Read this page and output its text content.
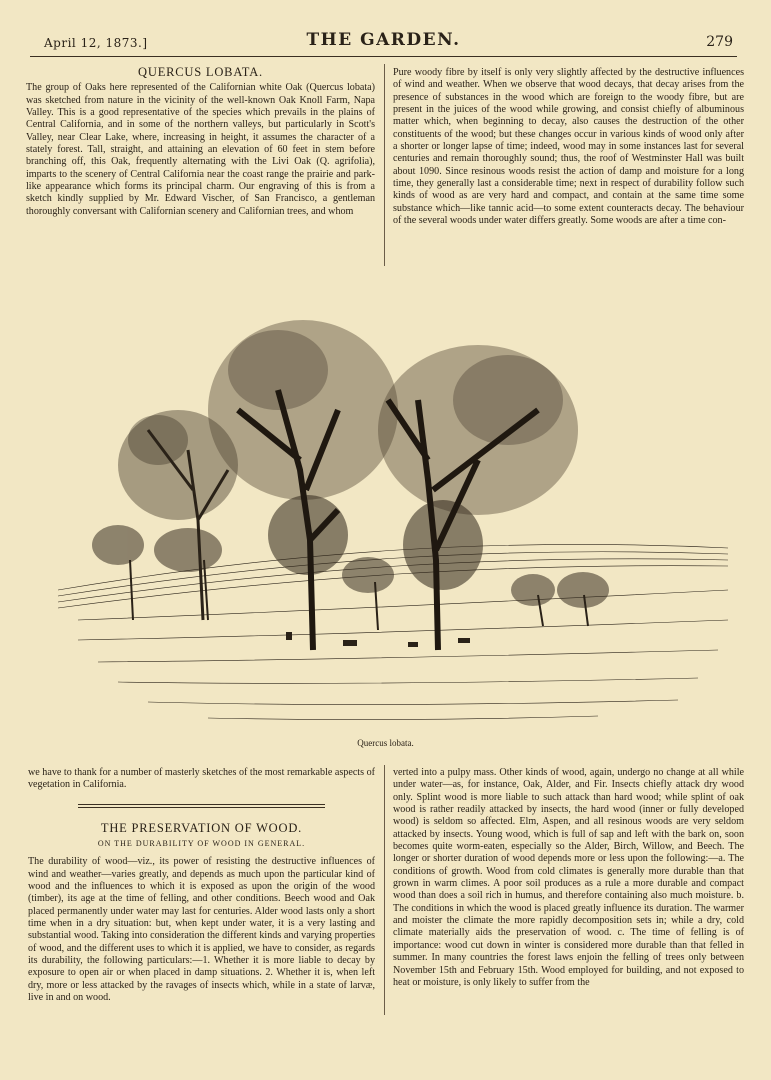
April 12, 1873.]	THE GARDEN.	279
QUERCUS LOBATA.

The group of Oaks here represented of the Californian white Oak (Quercus lobata) was sketched from nature in the vicinity of the well-known Oak Knoll Farm, Napa Valley. This is a good representative of the species which prevails in the plains of Central California, and in some of the northern valleys, but particularly in Scott's Valley, near Clear Lake, where, increasing in height, it assumes the character of a stately forest. Tall, straight, and attaining an elevation of 60 feet in stem before branching off, this Oak, frequently alternating with the Livi Oak (Q. agrifolia), imparts to the scenery of Central California near the coast range the prairie and park-like appearance which forms its principal charm. Our engraving of this is from a sketch kindly supplied by Mr. Edward Vischer, of San Francisco, a gentleman thoroughly conversant with Californian scenery and Californian trees, and whom

Pure woody fibre by itself is only very slightly affected by the destructive influences of wind and weather. When we observe that wood decays, that decay arises from the presence of substances in the wood which are foreign to the woody fibre, but are present in the juices of the wood while growing, and consist chiefly of albuminous matter which, when beginning to decay, also causes the destruction of the other constituents of the wood; but these changes occur in various kinds of wood only after a shorter or longer lapse of time; indeed, wood may in some instances last for several centuries and remain thoroughly sound; thus, the roof of Westminster Hall was built about 1090. Since resinous woods resist the action of damp and moisture for a long time, they generally last a considerable time; next in respect of durability follow such kinds of wood as are very hard and compact, and contain at the same time some substance which—like tannic acid—to some extent counteracts decay. The behaviour of the several woods under water differs greatly. Some woods are after a time con-

Quercus lobata.

we have to thank for a number of masterly sketches of the most remarkable aspects of vegetation in California.

THE PRESERVATION OF WOOD.
ON THE DURABILITY OF WOOD IN GENERAL.

The durability of wood—viz., its power of resisting the destructive influences of wind and weather—varies greatly, and depends as much upon the particular kind of wood and the influences to which it is exposed as upon the origin of the wood (timber), its age at the time of felling, and other conditions. Beech wood and Oak placed permanently under water may last for centuries. Alder wood lasts only a short time when in a dry situation: but, when kept under water, it is a very lasting and substantial wood. Taking into consideration the different kinds and varying properties of wood, and the different uses to which it is applied, we have to consider, as regards its durability, the following particulars:—1. Whether it is more liable to decay by exposure to open air or when placed in damp situations. 2. Whether it is, when left dry, more or less attacked by the ravages of insects which, while in a state of larvæ, live in and on wood.

verted into a pulpy mass. Other kinds of wood, again, undergo no change at all while under water—as, for instance, Oak, Alder, and Fir. Insects chiefly attack dry wood only. Splint wood is more liable to such attack than hard wood; while splint of oak wood is rather readily attacked by insects, the hard wood (inner or fully developed wood) is seldom so affected. Elm, Aspen, and all resinous woods are very seldom attacked by insects. Young wood, which is full of sap and left with the bark on, soon becomes quite worm-eaten, especially so the Alder, Birch, Willow, and Beech. The longer or shorter duration of wood depends more or less upon the following:—a. The conditions of growth. Wood from cold climates is generally more durable than that grown in warm climes. A poor soil produces as a rule a more durable and compact wood than does a soil rich in humus, and therefore containing also much moisture. b. The conditions in which the wood is placed greatly influence its duration. The warmer and moister the climate the more rapidly decomposition sets in; while a dry, cold climate materially aids the preservation of wood. c. The time of felling is of importance: wood cut down in winter is considered more durable than that felled in summer. In many countries the forest laws enjoin the felling of trees only between November 15th and February 15th. Wood employed for building, and not exposed to heat or moisture, is only likely to suffer from the
